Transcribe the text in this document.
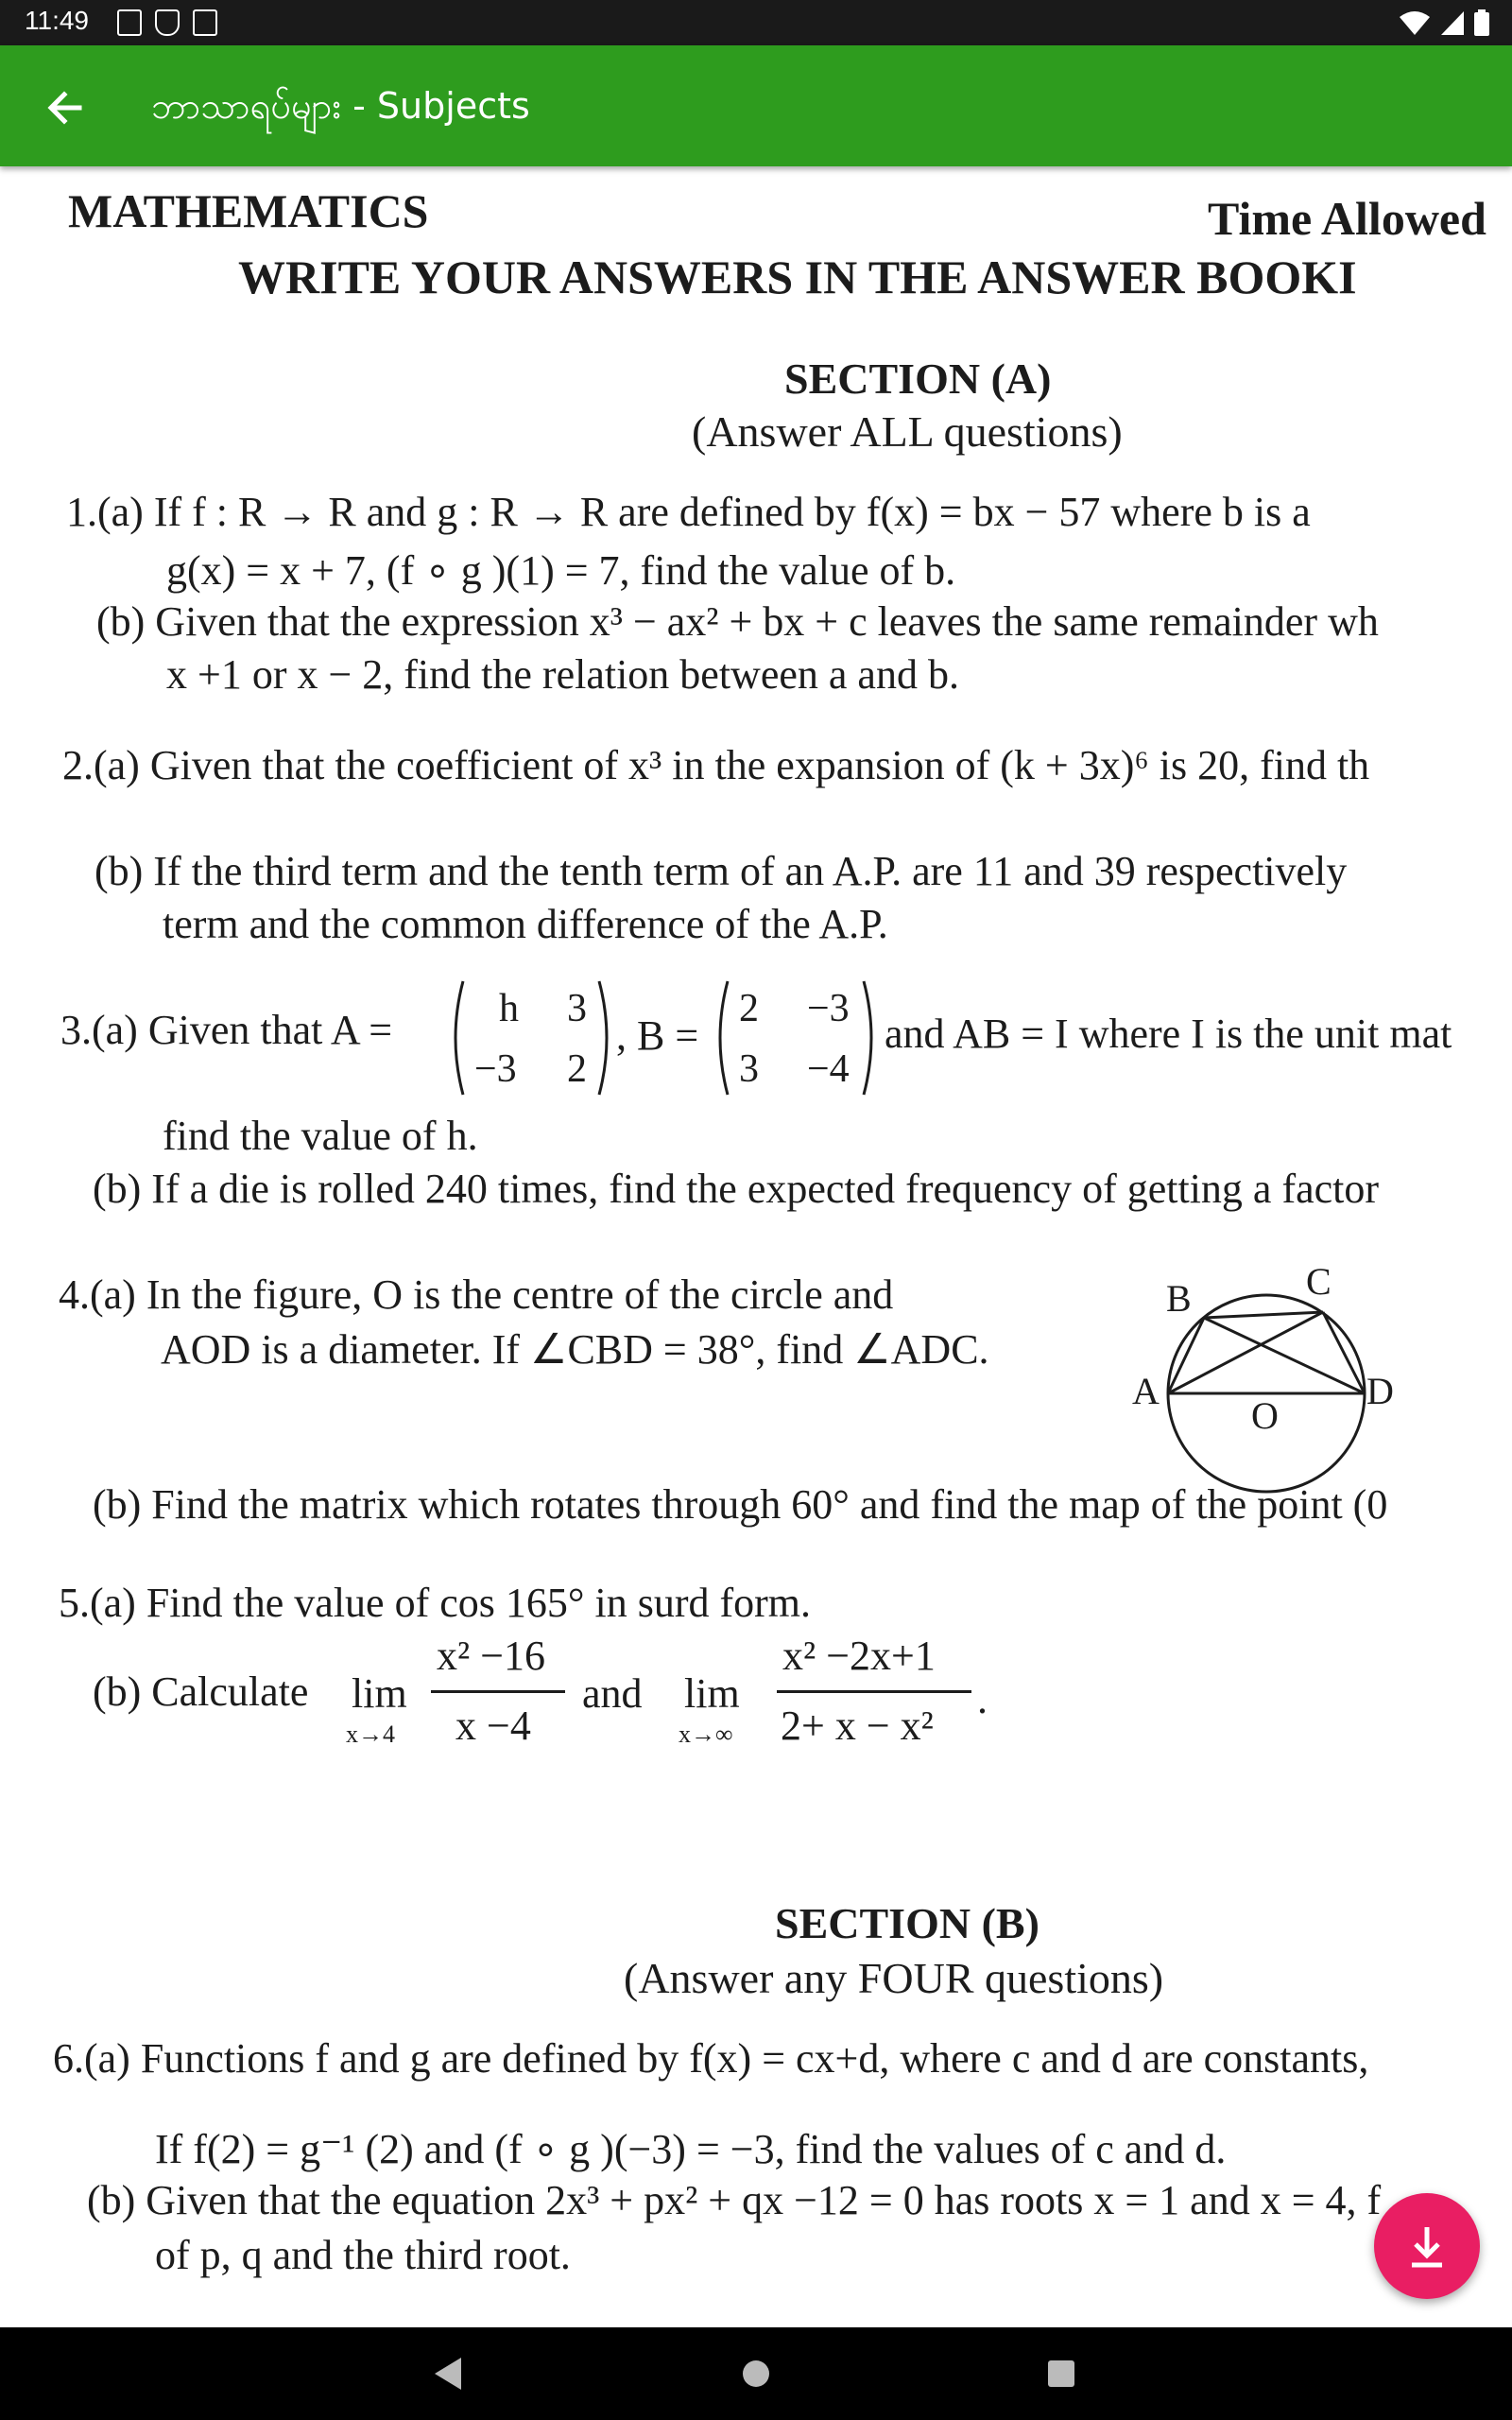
11:49
ဘာသာရပ်များ - Subjects
MATHEMATICS	Time Allowed
WRITE YOUR ANSWERS IN THE ANSWER BOOKI
SECTION (A)
(Answer ALL questions)
1.(a) If f : R → R and g : R → R are defined by f(x) = bx − 57 where b is a
g(x) = x + 7, (f ∘ g )(1) = 7, find the value of b.
(b) Given that the expression x³ − ax² + bx + c leaves the same remainder wh
x +1 or x − 2, find the relation between a and b.
2.(a) Given that the coefficient of x³ in the expansion of (k + 3x)⁶ is 20, find th
(b) If the third term and the tenth term of an A.P. are 11 and 39 respectively
term and the common difference of the A.P.
3.(a) Given that A =	h 3
−3 2
, B =
2 −3
3 −4
and AB = I where I is the unit mat
find the value of h.
(b) If a die is rolled 240 times, find the expected frequency of getting a factor
4.(a) In the figure, O is the centre of the circle and
AOD is a diameter. If ∠CBD = 38°, find ∠ADC.
B	C
A
O
D
(b) Find the matrix which rotates through 60° and find the map of the point (0
5.(a) Find the value of cos 165° in surd form.
(b) Calculate lim
x→4
x² −16
x −4
and lim
x→∞
x² −2x+1
2+ x − x²
.
SECTION (B)
(Answer any FOUR questions)
6.(a) Functions f and g are defined by f(x) = cx+d, where c and d are constants,
If f(2) = g⁻¹ (2) and (f ∘ g )(−3) = −3, find the values of c and d.
(b) Given that the equation 2x³ + px² + qx −12 = 0 has roots x = 1 and x = 4, f
of p, q and the third root.
